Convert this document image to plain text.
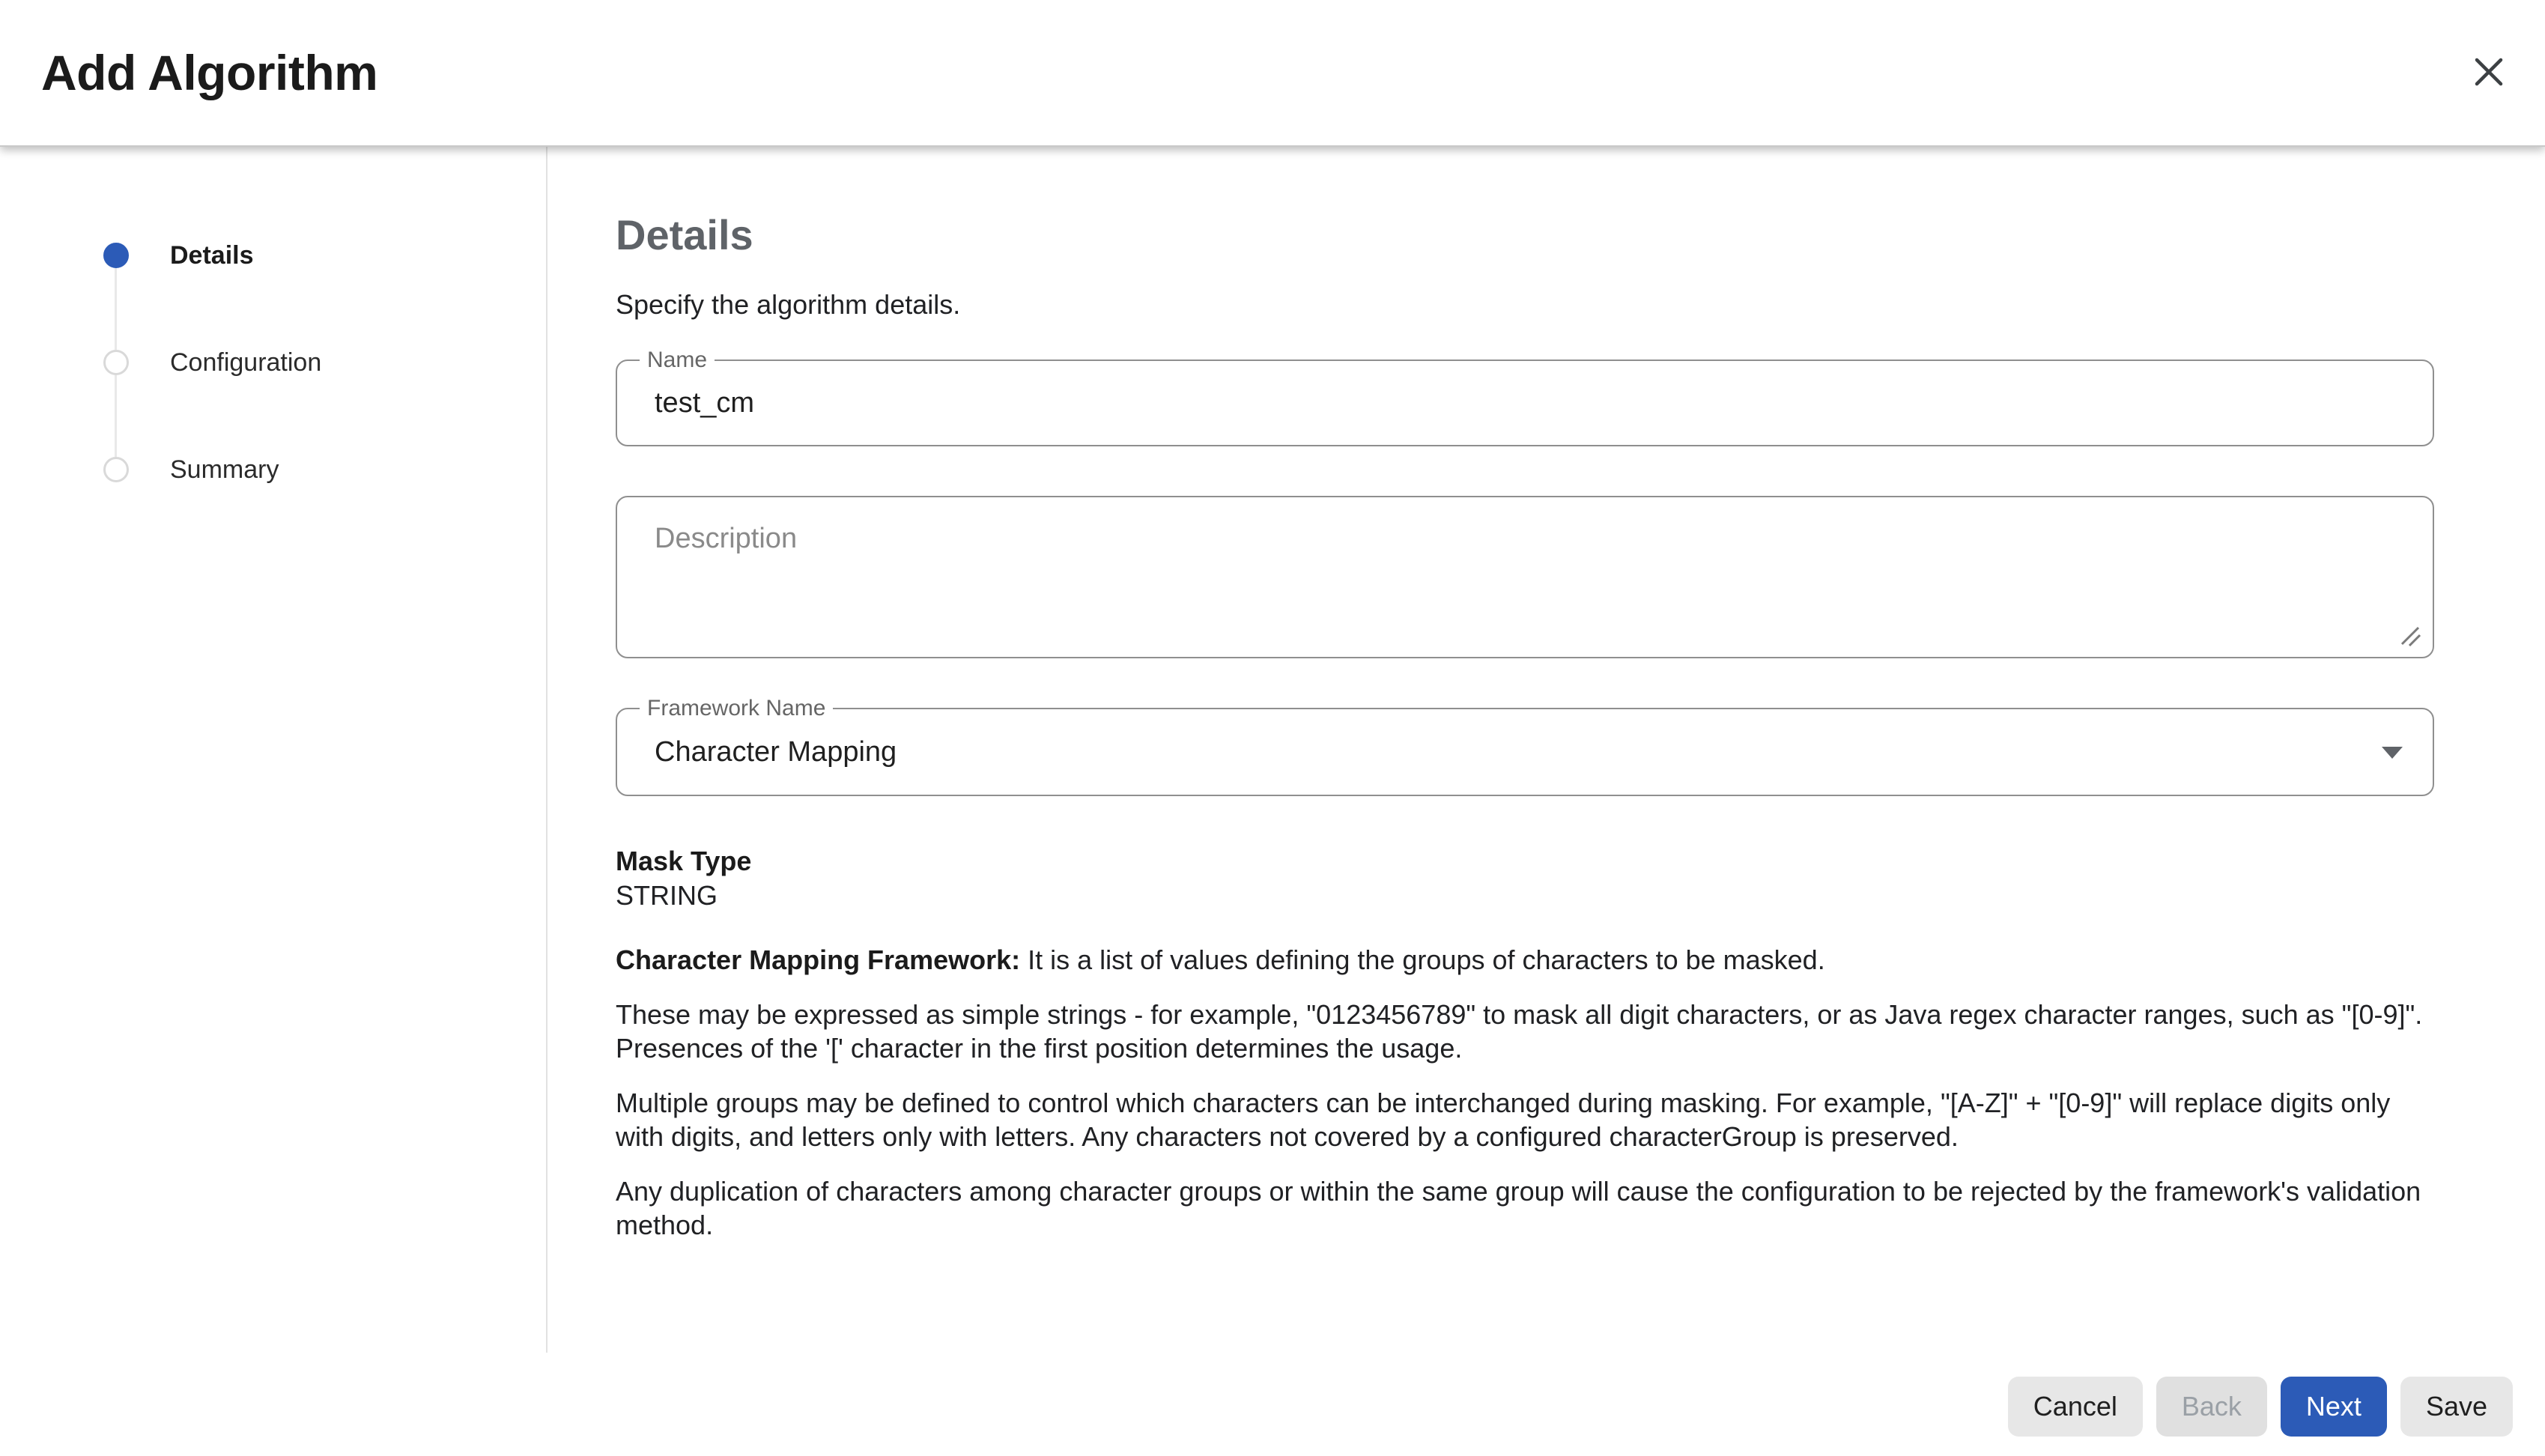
Add Algorithm
Details
Configuration
Summary
Details
Specify the algorithm details.
Name
test_cm
Description
Framework Name
Character Mapping
Mask Type
STRING

Character Mapping Framework: It is a list of values defining the groups of characters to be masked.

These may be expressed as simple strings - for example, "0123456789" to mask all digit characters, or as Java regex character ranges, such as "[0-9]". Presences of the '[' character in the first position determines the usage.

Multiple groups may be defined to control which characters can be interchanged during masking. For example, "[A-Z]" + "[0-9]" will replace digits only with digits, and letters only with letters. Any characters not covered by a configured characterGroup is preserved.

Any duplication of characters among character groups or within the same group will cause the configuration to be rejected by the framework's validation method.

Cancel	Back	Next	Save
